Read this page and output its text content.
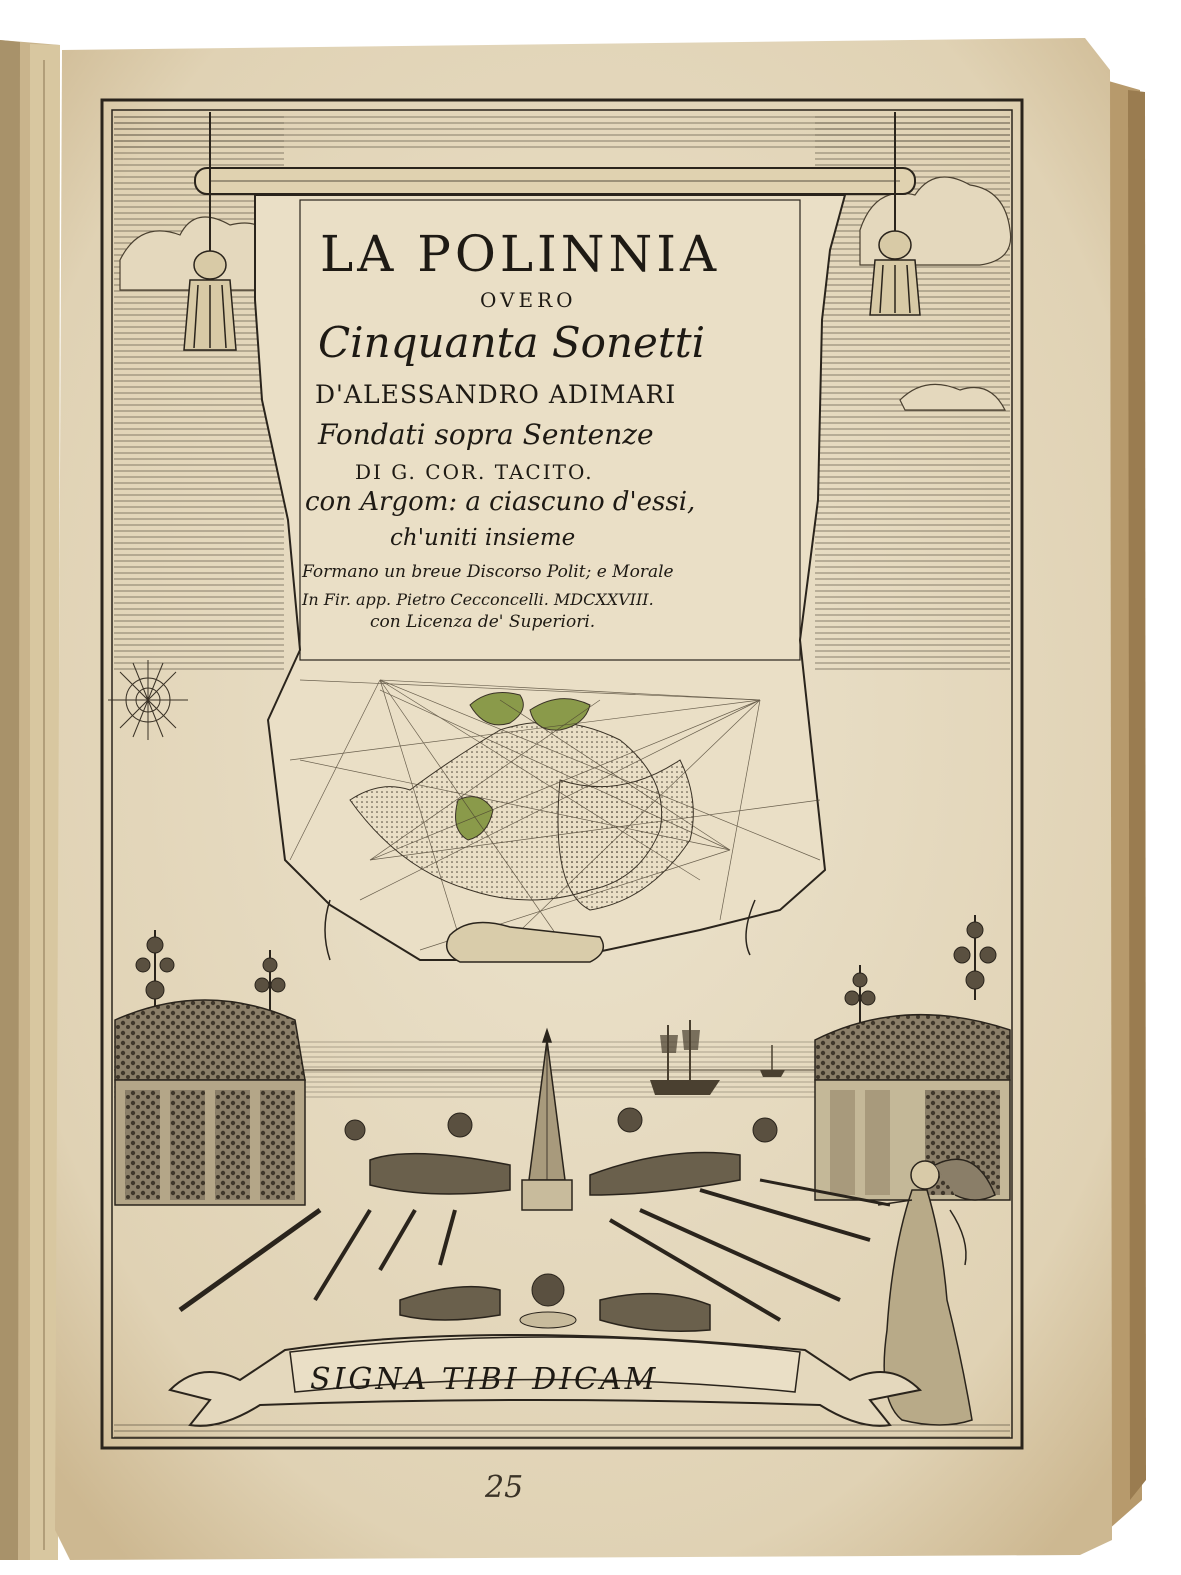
LA POLINNIA
OVERO
Cinquanta Sonetti
D'ALESSANDRO ADIMARI
Fondati sopra Sentenze
DI G. COR. TACITO.
con Argom: a ciascuno d'essi,
ch'uniti insieme
Formano un breue Discorso Polit; e Morale
In Fir. app. Pietro Cecconcelli. MDCXXVIII.
con Licenza de' Superiori.
SIGNA TIBI DICAM
25
